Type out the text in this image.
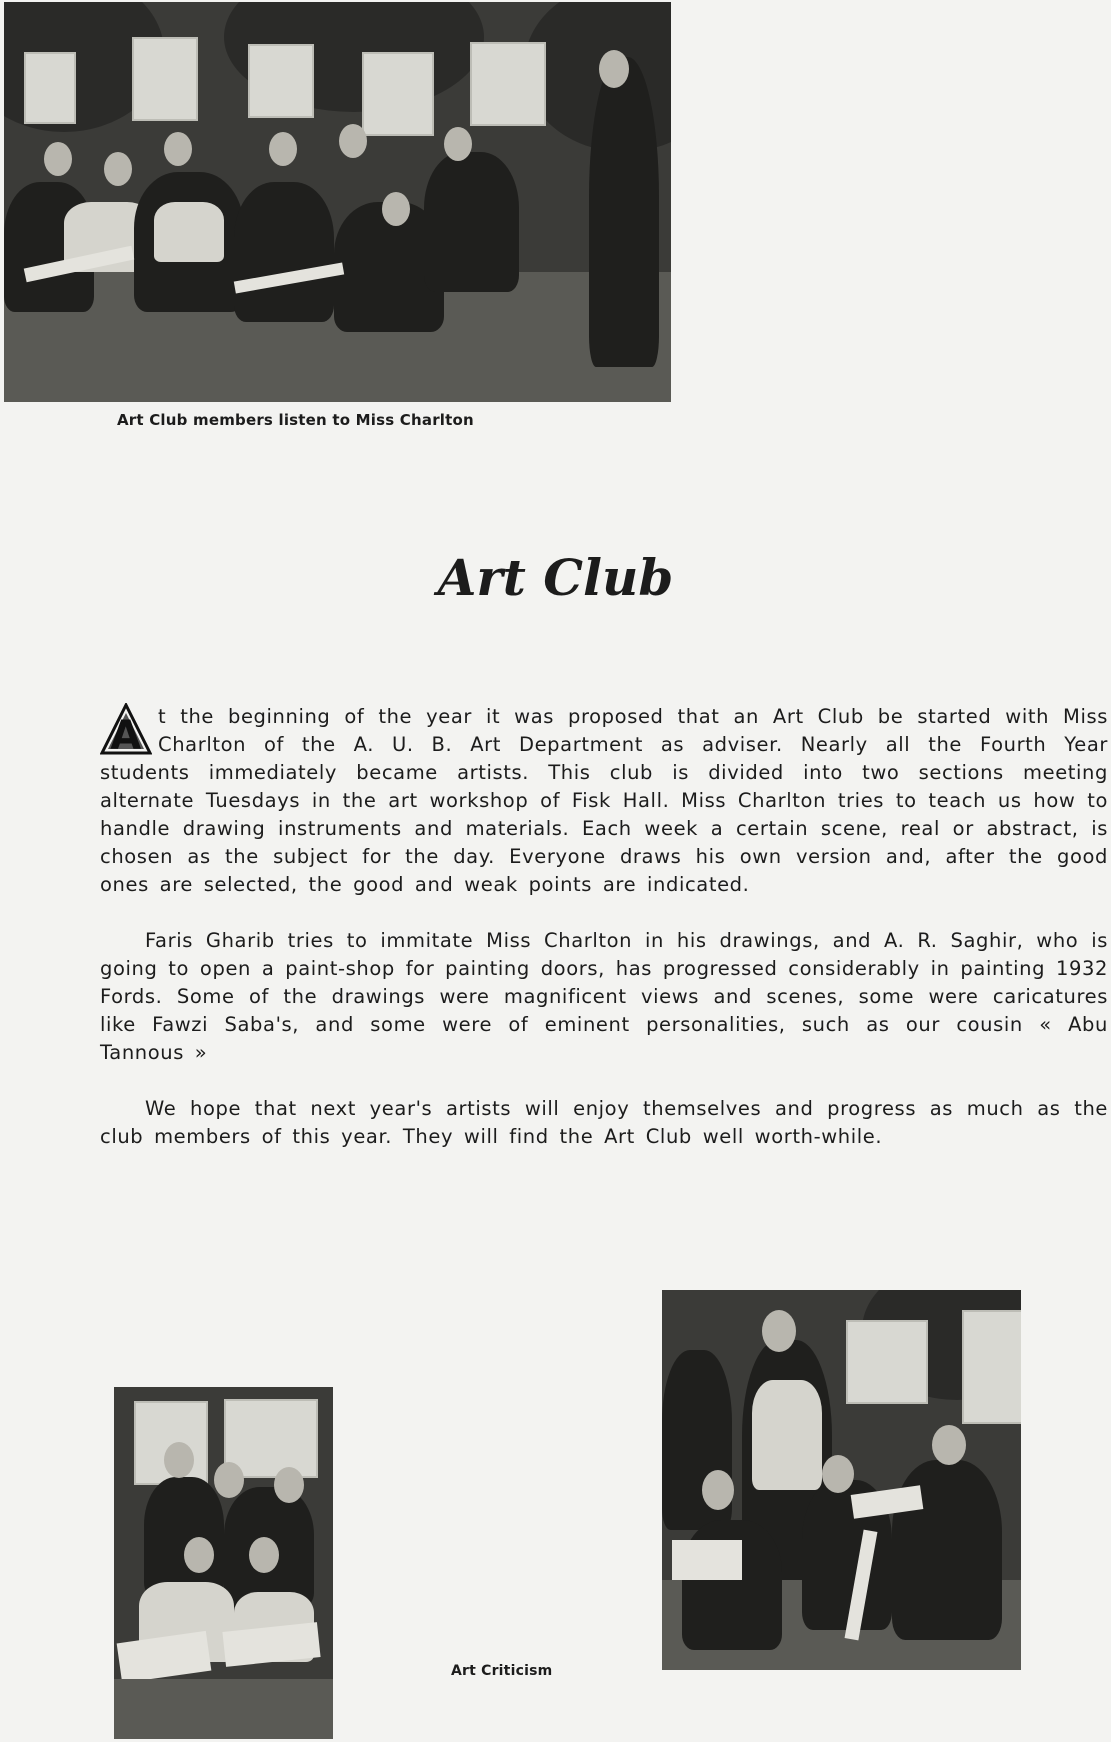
Art Club members listen to Miss Charlton
Art Club
A t the beginning of the year it was proposed that an Art Club be started with Miss Charlton of the A. U. B. Art Department as adviser. Nearly all the Fourth Year students immediately became artists. This club is divided into two sections meeting alternate Tuesdays in the art workshop of Fisk Hall. Miss Charlton tries to teach us how to handle drawing instruments and materials. Each week a certain scene, real or abstract, is chosen as the subject for the day. Everyone draws his own version and, after the good ones are selected, the good and weak points are indicated.
Faris Gharib tries to immitate Miss Charlton in his drawings, and A. R. Saghir, who is going to open a paint-shop for painting doors, has progressed considerably in painting 1932 Fords. Some of the drawings were magnificent views and scenes, some were caricatures like Fawzi Saba's, and some were of eminent personalities, such as our cousin « Abu Tannous »
We hope that next year's artists will enjoy themselves and progress as much as the club members of this year. They will find the Art Club well worth-while.
Art Criticism
